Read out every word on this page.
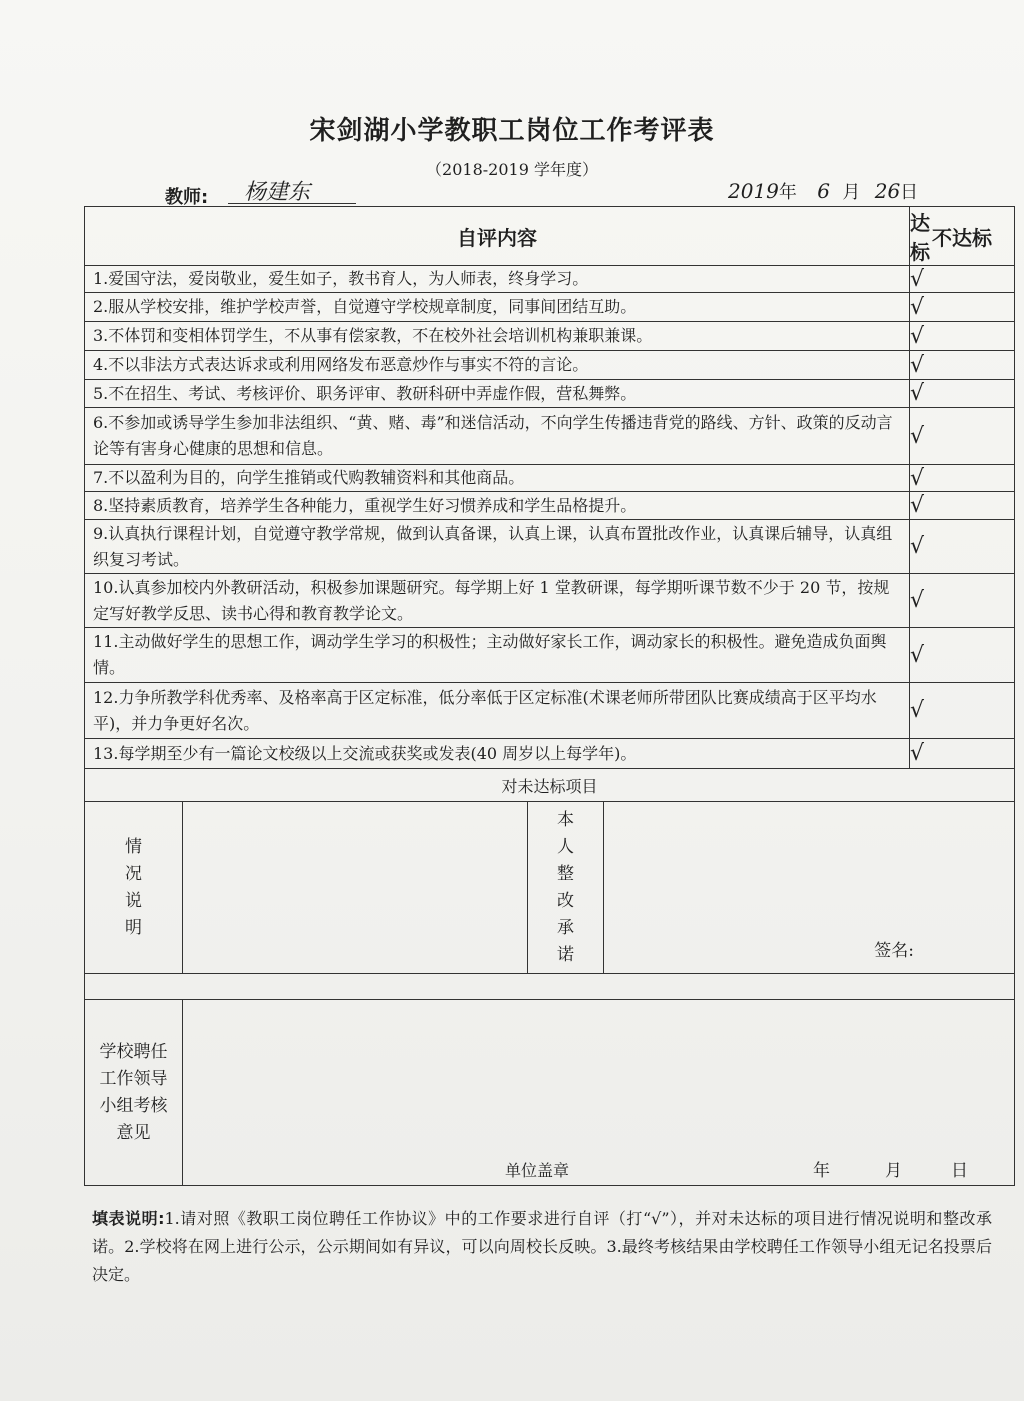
宋剑湖小学教职工岗位工作考评表
（2018-2019 学年度）
教师: 杨建东	2019年 6 月 26日
自评内容				达标	不达标
1.爱国守法，爱岗敬业，爱生如子，教书育人，为人师表，终身学习。				√	
2.服从学校安排，维护学校声誉，自觉遵守学校规章制度，同事间团结互助。				√	
3.不体罚和变相体罚学生，不从事有偿家教，不在校外社会培训机构兼职兼课。				√	
4.不以非法方式表达诉求或利用网络发布恶意炒作与事实不符的言论。				√	
5.不在招生、考试、考核评价、职务评审、教研科研中弄虚作假，营私舞弊。				√	
6.不参加或诱导学生参加非法组织、“黄、赌、毒”和迷信活动，不向学生传播违背党的路线、方针、政策的反动言论等有害身心健康的思想和信息。				√	
7.不以盈利为目的，向学生推销或代购教辅资料和其他商品。				√	
8.坚持素质教育，培养学生各种能力，重视学生好习惯养成和学生品格提升。				√	
9.认真执行课程计划，自觉遵守教学常规，做到认真备课，认真上课，认真布置批改作业，认真课后辅导，认真组织复习考试。				√	
10.认真参加校内外教研活动，积极参加课题研究。每学期上好 1 堂教研课，每学期听课节数不少于 20 节，按规定写好教学反思、读书心得和教育教学论文。				√	
11.主动做好学生的思想工作，调动学生学习的积极性；主动做好家长工作，调动家长的积极性。避免造成负面舆情。				√	
12.力争所教学科优秀率、及格率高于区定标准，低分率低于区定标准(术课老师所带团队比赛成绩高于区平均水平)，并力争更好名次。				√	
13.每学期至少有一篇论文校级以上交流或获奖或发表(40 周岁以上每学年)。				√	
对未达标项目				

情况说明		本人整改承诺	签名:	

学校聘任工作领导小组考核意见	单位盖章 年 月 日			
填表说明:1.请对照《教职工岗位聘任工作协议》中的工作要求进行自评（打“√”），并对未达标的项目进行情况说明和整改承诺。2.学校将在网上进行公示，公示期间如有异议，可以向周校长反映。3.最终考核结果由学校聘任工作领导小组无记名投票后决定。
